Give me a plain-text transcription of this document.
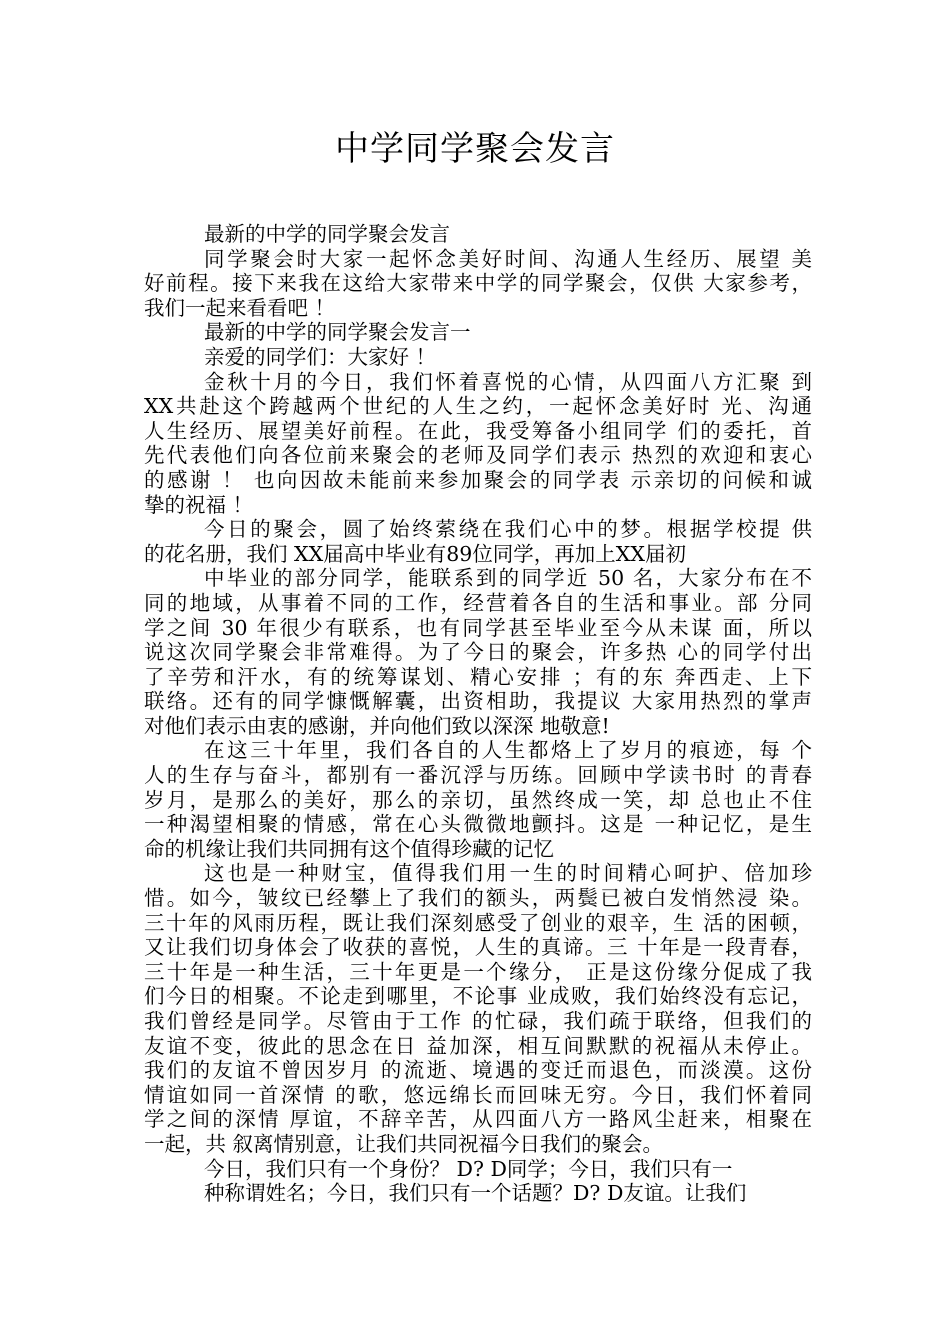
中学同学聚会发言
最新的中学的同学聚会发言
同学聚会时大家一起怀念美好时间、沟通人生经历、展望 美
好前程。接下来我在这给大家带来中学的同学聚会，仅供 大家参考，
我们一起来看看吧 ！
最新的中学的同学聚会发言一
亲爱的同学们：大家好 ！
金秋十月的今日，我们怀着喜悦的心情，从四面八方汇聚 到
XX共赴这个跨越两个世纪的人生之约，一起怀念美好时 光、沟通
人生经历、展望美好前程。在此，我受筹备小组同学 们的委托，首
先代表他们向各位前来聚会的老师及同学们表示 热烈的欢迎和衷心
的感谢 ！ 也向因故未能前来参加聚会的同学表 示亲切的问候和诚
挚的祝福 ！
今日的聚会，圆了始终萦绕在我们心中的梦。根据学校提 供
的花名册，我们 XX届高中毕业有89位同学，再加上XX届初
中毕业的部分同学，能联系到的同学近 50 名，大家分布在不
同的地域，从事着不同的工作，经营着各自的生活和事业。部 分同
学之间 30 年很少有联系，也有同学甚至毕业至今从未谋 面，所以
说这次同学聚会非常难得。为了今日的聚会，许多热 心的同学付出
了辛劳和汗水，有的统筹谋划、精心安排 ；有的东 奔西走、上下
联络。还有的同学慷慨解囊，出资相助，我提议 大家用热烈的掌声
对他们表示由衷的感谢，并向他们致以深深 地敬意!
在这三十年里，我们各自的人生都烙上了岁月的痕迹，每 个
人的生存与奋斗，都别有一番沉浮与历练。回顾中学读书时 的青春
岁月，是那么的美好，那么的亲切，虽然终成一笑，却 总也止不住
一种渴望相聚的情感，常在心头微微地颤抖。这是 一种记忆，是生
命的机缘让我们共同拥有这个值得珍藏的记忆
这也是一种财宝，值得我们用一生的时间精心呵护、倍加珍
惜。如今，皱纹已经攀上了我们的额头，两鬓已被白发悄然浸 染。
三十年的风雨历程，既让我们深刻感受了创业的艰辛，生 活的困顿，
又让我们切身体会了收获的喜悦，人生的真谛。三 十年是一段青春，
三十年是一种生活，三十年更是一个缘分， 正是这份缘分促成了我
们今日的相聚。不论走到哪里，不论事 业成败，我们始终没有忘记，
我们曾经是同学。尽管由于工作 的忙碌，我们疏于联络，但我们的
友谊不变，彼此的思念在日 益加深，相互间默默的祝福从未停止。
我们的友谊不曾因岁月 的流逝、境遇的变迁而退色，而淡漠。这份
情谊如同一首深情 的歌，悠远绵长而回味无穷。今日，我们怀着同
学之间的深情 厚谊，不辞辛苦，从四面八方一路风尘赶来，相聚在
一起，共 叙离情别意，让我们共同祝福今日我们的聚会。
今日，我们只有一个身份？ D? D同学；今日，我们只有一
种称谓姓名；今日，我们只有一个话题？D? D友谊。让我们
